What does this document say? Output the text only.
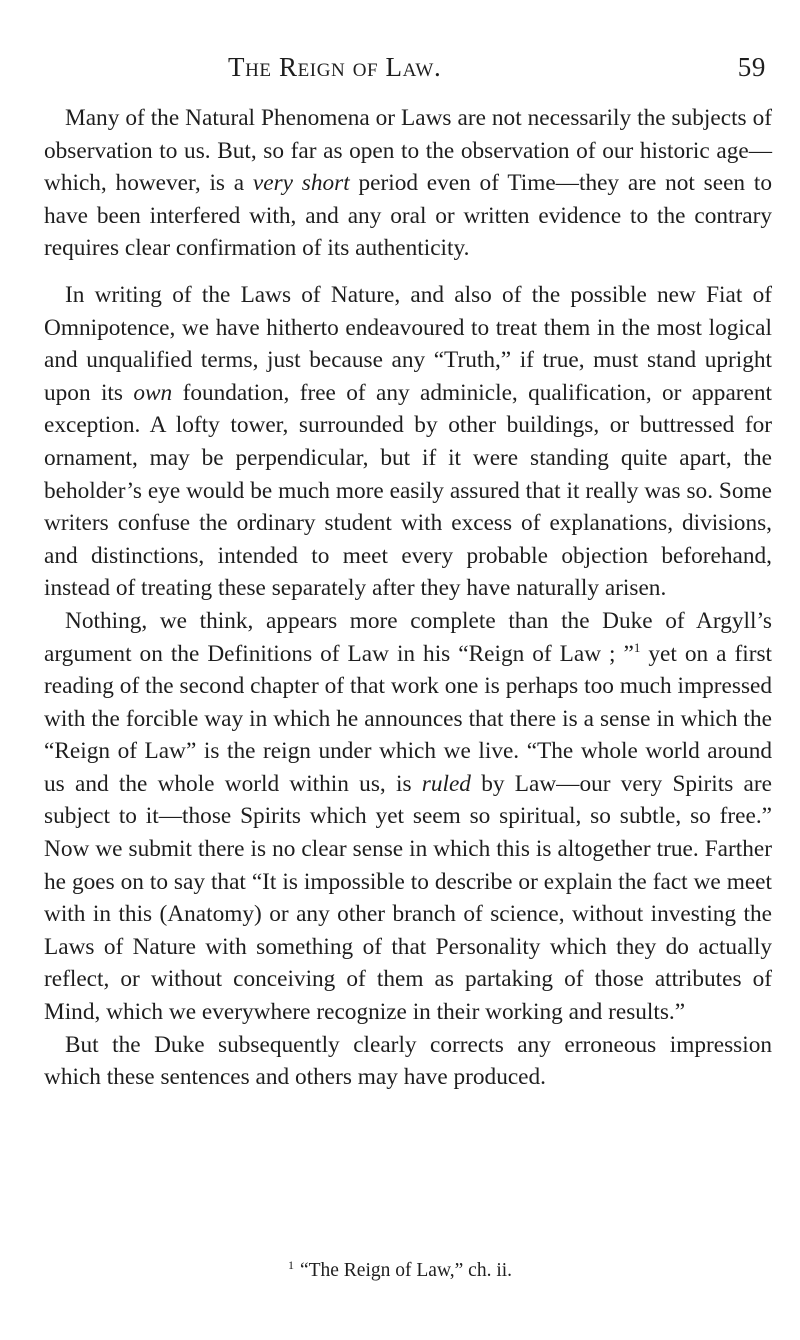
The Reign of Law.	59

Many of the Natural Phenomena or Laws are not necessarily the subjects of observation to us. But, so far as open to the observation of our historic age—which, however, is a very short period even of Time—they are not seen to have been interfered with, and any oral or written evidence to the contrary requires clear confirmation of its authenticity.

In writing of the Laws of Nature, and also of the possible new Fiat of Omnipotence, we have hitherto endeavoured to treat them in the most logical and unqualified terms, just because any “Truth,” if true, must stand upright upon its own foundation, free of any adminicle, qualification, or apparent exception. A lofty tower, surrounded by other buildings, or buttressed for ornament, may be perpendicular, but if it were standing quite apart, the beholder’s eye would be much more easily assured that it really was so. Some writers confuse the ordinary student with excess of explanations, divisions, and distinctions, intended to meet every probable objection beforehand, instead of treating these separately after they have naturally arisen.

Nothing, we think, appears more complete than the Duke of Argyll’s argument on the Definitions of Law in his “Reign of Law ; ”$^1$ yet on a first reading of the second chapter of that work one is perhaps too much impressed with the forcible way in which he announces that there is a sense in which the “Reign of Law” is the reign under which we live. “The whole world around us and the whole world within us, is ruled by Law—our very Spirits are subject to it—those Spirits which yet seem so spiritual, so subtle, so free.” Now we submit there is no clear sense in which this is altogether true. Farther he goes on to say that “It is impossible to describe or explain the fact we meet with in this (Anatomy) or any other branch of science, without investing the Laws of Nature with something of that Personality which they do actually reflect, or without conceiving of them as partaking of those attributes of Mind, which we everywhere recognize in their working and results.”

But the Duke subsequently clearly corrects any erroneous impression which these sentences and others may have produced.

$^1$ “The Reign of Law,” ch. ii.
